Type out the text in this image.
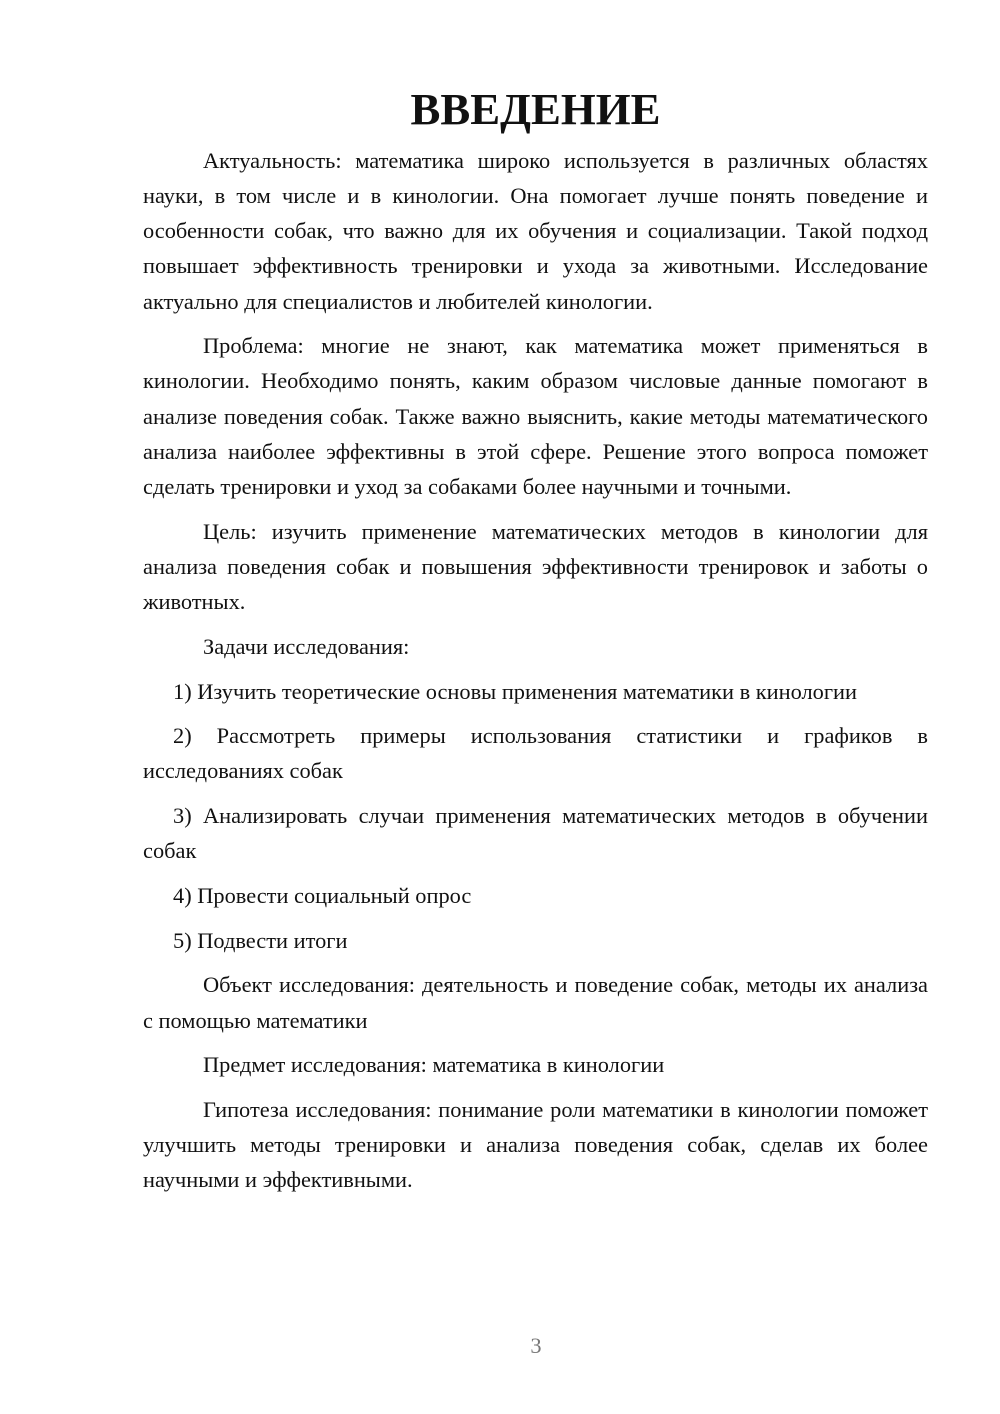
ВВЕДЕНИЕ

Актуальность: математика широко используется в различных областях науки, в том числе и в кинологии. Она помогает лучше понять поведение и особенности собак, что важно для их обучения и социализации. Такой подход повышает эффективность тренировки и ухода за животными. Исследование актуально для специалистов и любителей кинологии.

Проблема: многие не знают, как математика может применяться в кинологии. Необходимо понять, каким образом числовые данные помогают в анализе поведения собак. Также важно выяснить, какие методы математического анализа наиболее эффективны в этой сфере. Решение этого вопроса поможет сделать тренировки и уход за собаками более научными и точными.

Цель: изучить применение математических методов в кинологии для анализа поведения собак и повышения эффективности тренировок и заботы о животных.

Задачи исследования:

1) Изучить теоретические основы применения математики в кинологии

2) Рассмотреть примеры использования статистики и графиков в исследованиях собак

3) Анализировать случаи применения математических методов в обучении собак

4) Провести социальный опрос

5) Подвести итоги

Объект исследования: деятельность и поведение собак, методы их анализа с помощью математики

Предмет исследования: математика в кинологии

Гипотеза исследования: понимание роли математики в кинологии поможет улучшить методы тренировки и анализа поведения собак, сделав их более научными и эффективными.

3
